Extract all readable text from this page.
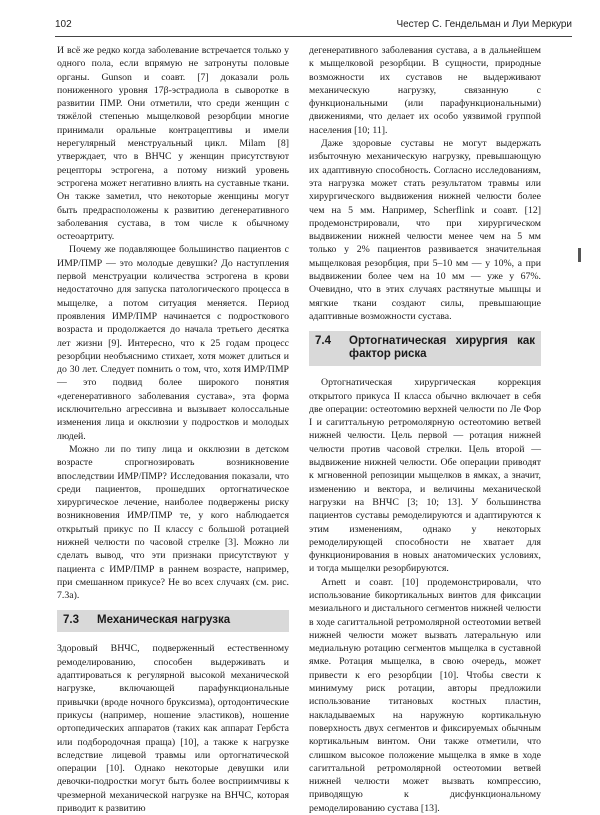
102	Честер С. Гендельман и Луи Меркури

И всё же редко когда заболевание встречается только у одного пола, если впрямую не затронуты половые органы. Gunson и соавт. [7] доказали роль пониженного уровня 17β-эстрадиола в сыворотке в развитии ПМР. Они отметили, что среди женщин с тяжёлой степенью мыщелковой резорбции многие принимали оральные контрацептивы и имели нерегулярный менструальный цикл. Milam [8] утверждает, что в ВНЧС у женщин присутствуют рецепторы эстрогена, а потому низкий уровень эстрогена может негативно влиять на суставные ткани. Он также заметил, что некоторые женщины могут быть предрасположены к развитию дегенеративного заболевания сустава, в том числе к обычному остеоартриту.

Почему же подавляющее большинство пациентов с ИМР/ПМР — это молодые девушки? До наступления первой менструации количества эстрогена в крови недостаточно для запуска патологического процесса в мыщелке, а потом ситуация меняется. Период проявления ИМР/ПМР начинается с подросткового возраста и продолжается до начала третьего десятка лет жизни [9]. Интересно, что к 25 годам процесс резорбции необъяснимо стихает, хотя может длиться и до 30 лет. Следует помнить о том, что, хотя ИМР/ПМР — это подвид более широкого понятия «дегенеративного заболевания сустава», эта форма исключительно агрессивна и вызывает колоссальные изменения лица и окклюзии у подростков и молодых людей.

Можно ли по типу лица и окклюзии в детском возрасте спрогнозировать возникновение впоследствии ИМР/ПМР? Исследования показали, что среди пациентов, прошедших ортогнатическое хирургическое лечение, наиболее подвержены риску возникновения ИМР/ПМР те, у кого наблюдается открытый прикус по II классу с большой ротацией нижней челюсти по часовой стрелке [3]. Можно ли сделать вывод, что эти признаки присутствуют у пациента с ИМР/ПМР в раннем возрасте, например, при смешанном прикусе? Не во всех случаях (см. рис. 7.3а).

7.3 Механическая нагрузка

Здоровый ВНЧС, подверженный естественному ремоделированию, способен выдерживать и адаптироваться к регулярной высокой механической нагрузке, включающей парафункциональные привычки (вроде ночного бруксизма), ортодонтические прикусы (например, ношение эластиков), ношение ортопедических аппаратов (таких как аппарат Гербста или подбородочная праща) [10], а также к нагрузке вследствие лицевой травмы или ортогнатической операции [10]. Однако некоторые девушки или девочки-подростки могут быть более восприимчивы к чрезмерной механической нагрузке на ВНЧС, которая приводит к развитию

дегенеративного заболевания сустава, а в дальнейшем к мыщелковой резорбции. В сущности, природные возможности их суставов не выдерживают механическую нагрузку, связанную с функциональными (или парафункциональными) движениями, что делает их особо уязвимой группой населения [10; 11].

Даже здоровые суставы не могут выдержать избыточную механическую нагрузку, превышающую их адаптивную способность. Согласно исследованиям, эта нагрузка может стать результатом травмы или хирургического выдвижения нижней челюсти более чем на 5 мм. Например, Scherflink и соавт. [12] продемонстрировали, что при хирургическом выдвижении нижней челюсти менее чем на 5 мм только у 2% пациентов развивается значительная мыщелковая резорбция, при 5–10 мм — у 10%, а при выдвижении более чем на 10 мм — уже у 67%. Очевидно, что в этих случаях растянутые мышцы и мягкие ткани создают силы, превышающие адаптивные возможности сустава.

7.4 Ортогнатическая хирургия как фактор риска

Ортогнатическая хирургическая коррекция открытого прикуса II класса обычно включает в себя две операции: остеотомию верхней челюсти по Ле Фор I и сагиттальную ретромолярную остеотомию ветвей нижней челюсти. Цель первой — ротация нижней челюсти против часовой стрелки. Цель второй — выдвижение нижней челюсти. Обе операции приводят к мгновенной репозиции мыщелков в ямках, а значит, изменению и вектора, и величины механической нагрузки на ВНЧС [3; 10; 13]. У большинства пациентов суставы ремоделируются и адаптируются к этим изменениям, однако у некоторых ремоделирующей способности не хватает для функционирования в новых анатомических условиях, и тогда мыщелки резорбируются.

Arnett и соавт. [10] продемонстрировали, что использование бикортикальных винтов для фиксации мезиального и дистального сегментов нижней челюсти в ходе сагиттальной ретромолярной остеотомии ветвей нижней челюсти может вызвать латеральную или медиальную ротацию сегментов мыщелка в суставной ямке. Ротация мыщелка, в свою очередь, может привести к его резорбции [10]. Чтобы свести к минимуму риск ротации, авторы предложили использование титановых костных пластин, накладываемых на наружную кортикальную поверхность двух сегментов и фиксируемых обычным кортикальным винтом. Они также отметили, что слишком высокое положение мыщелка в ямке в ходе сагиттальной ретромолярной остеотомии ветвей нижней челюсти может вызвать компрессию, приводящую к дисфункциональному ремоделированию сустава [13].
